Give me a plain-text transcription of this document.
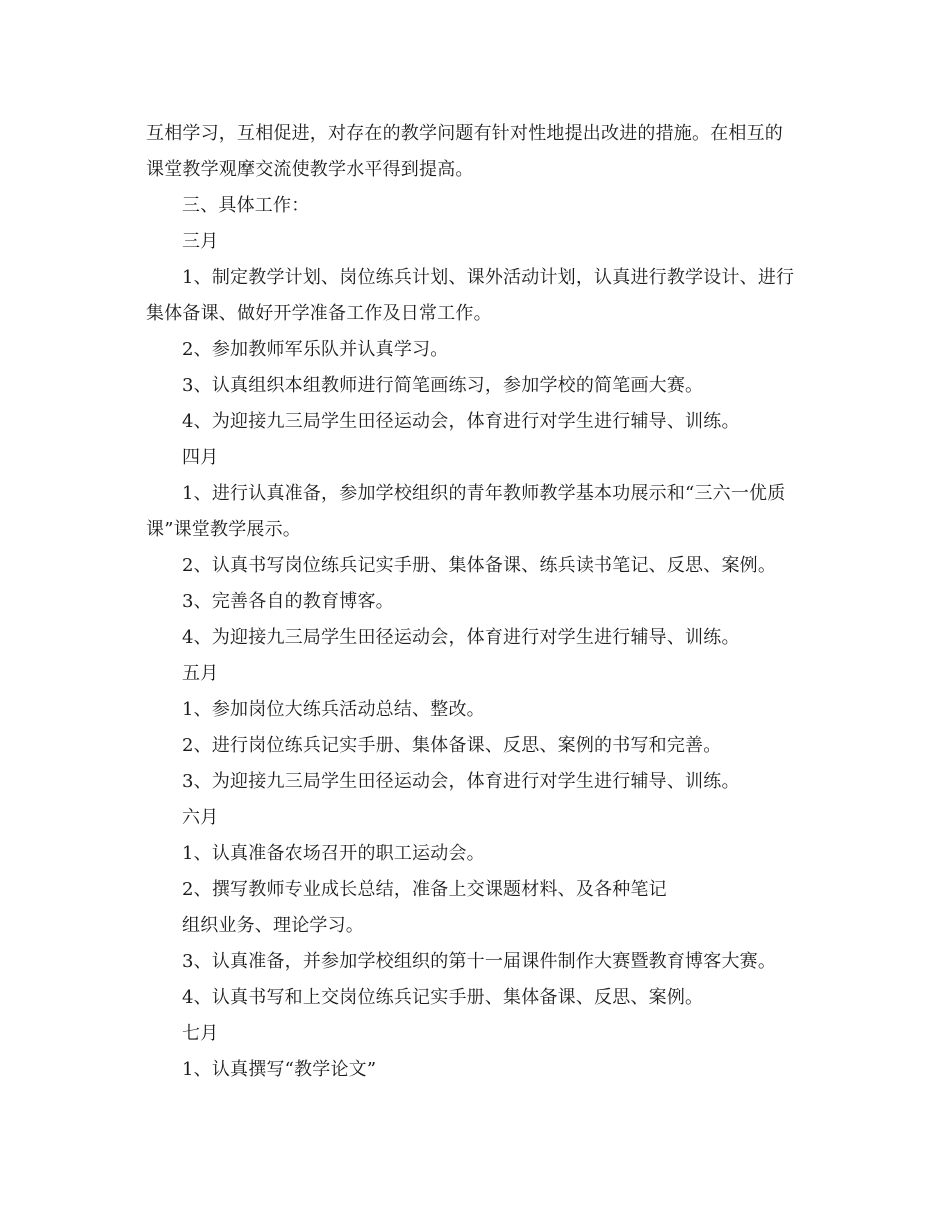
互相学习，互相促进，对存在的教学问题有针对性地提出改进的措施。在相互的
课堂教学观摩交流使教学水平得到提高。
三、具体工作：
三月
1、制定教学计划、岗位练兵计划、课外活动计划，认真进行教学设计、进行
集体备课、做好开学准备工作及日常工作。
2、参加教师军乐队并认真学习。
3、认真组织本组教师进行简笔画练习，参加学校的简笔画大赛。
4、为迎接九三局学生田径运动会，体育进行对学生进行辅导、训练。
四月
1、进行认真准备，参加学校组织的青年教师教学基本功展示和“三六一优质
课”课堂教学展示。
2、认真书写岗位练兵记实手册、集体备课、练兵读书笔记、反思、案例。
3、完善各自的教育博客。
4、为迎接九三局学生田径运动会，体育进行对学生进行辅导、训练。
五月
1、参加岗位大练兵活动总结、整改。
2、进行岗位练兵记实手册、集体备课、反思、案例的书写和完善。
3、为迎接九三局学生田径运动会，体育进行对学生进行辅导、训练。
六月
1、认真准备农场召开的职工运动会。
2、撰写教师专业成长总结，准备上交课题材料、及各种笔记
组织业务、理论学习。
3、认真准备，并参加学校组织的第十一届课件制作大赛暨教育博客大赛。
4、认真书写和上交岗位练兵记实手册、集体备课、反思、案例。
七月
1、认真撰写“教学论文”
